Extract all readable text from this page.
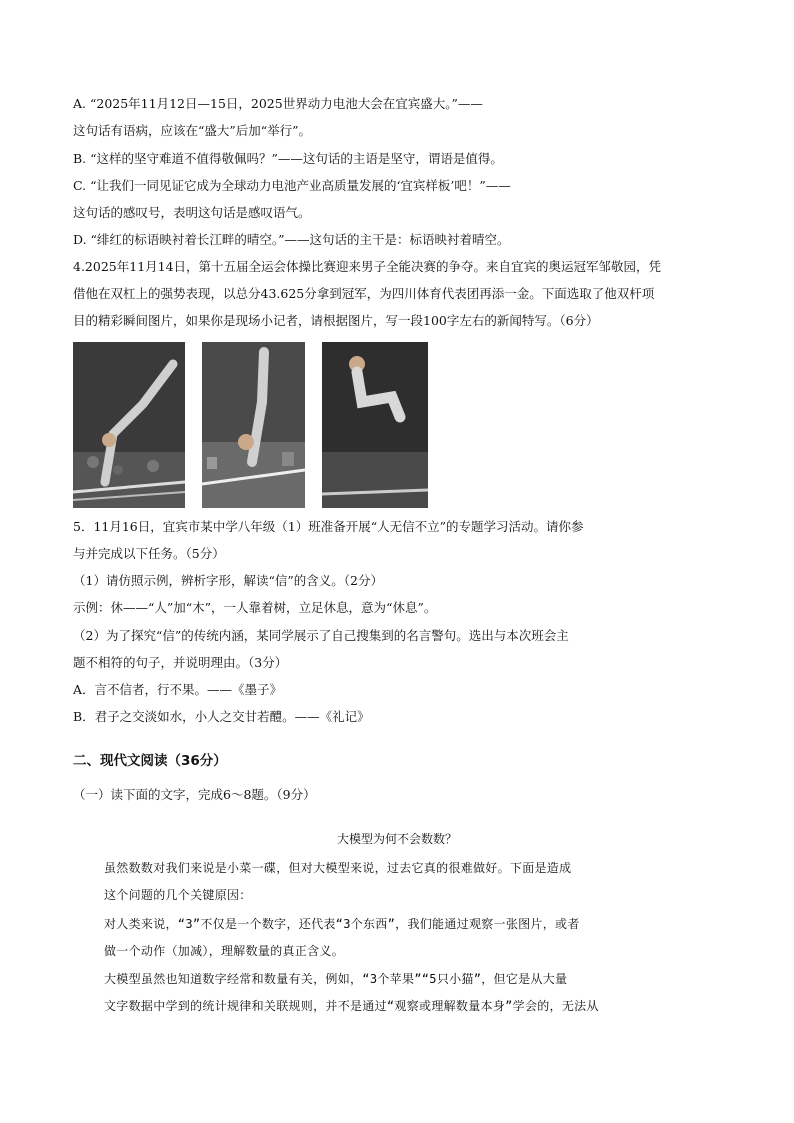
A. “2025年11月12日—15日，2025世界动力电池大会在宜宾盛大。”——
这句话有语病，应该在“盛大”后加“举行”。
B. “这样的坚守难道不值得敬佩吗？”——这句话的主语是坚守，谓语是值得。
C. “让我们一同见证它成为全球动力电池产业高质量发展的‘宜宾样板’吧！”——
这句话的感叹号，表明这句话是感叹语气。
D. “绯红的标语映衬着长江畔的晴空。”——这句话的主干是：标语映衬着晴空。
4.2025年11月14日，第十五届全运会体操比赛迎来男子全能决赛的争夺。来自宜宾的奥运冠军邹敬园，凭
借他在双杠上的强势表现，以总分43.625分拿到冠军，为四川体育代表团再添一金。下面选取了他双杆项
目的精彩瞬间图片，如果你是现场小记者，请根据图片，写一段100字左右的新闻特写。（6分）
5．11月16日，宜宾市某中学八年级（1）班准备开展“人无信不立”的专题学习活动。请你参
与并完成以下任务。（5分）
（1）请仿照示例，辨析字形，解读“信”的含义。（2分）
示例：休——“人”加“木”，一人靠着树，立足休息，意为“休息”。
（2）为了探究“信”的传统内涵，某同学展示了自己搜集到的名言警句。选出与本次班会主
题不相符的句子，并说明理由。（3分）
A．言不信者，行不果。——《墨子》
B．君子之交淡如水，小人之交甘若醴。——《礼记》
二、现代文阅读（36分）
（一）读下面的文字，完成6～8题。（9分）
大模型为何不会数数？
虽然数数对我们来说是小菜一碟，但对大模型来说，过去它真的很难做好。下面是造成
这个问题的几个关键原因：
对人类来说，“3”不仅是一个数字，还代表“3个东西”，我们能通过观察一张图片，或者
做一个动作（加减），理解数量的真正含义。
大模型虽然也知道数字经常和数量有关，例如，“3个苹果”“5只小猫”，但它是从大量
文字数据中学到的统计规律和关联规则，并不是通过“观察或理解数量本身”学会的，无法从
